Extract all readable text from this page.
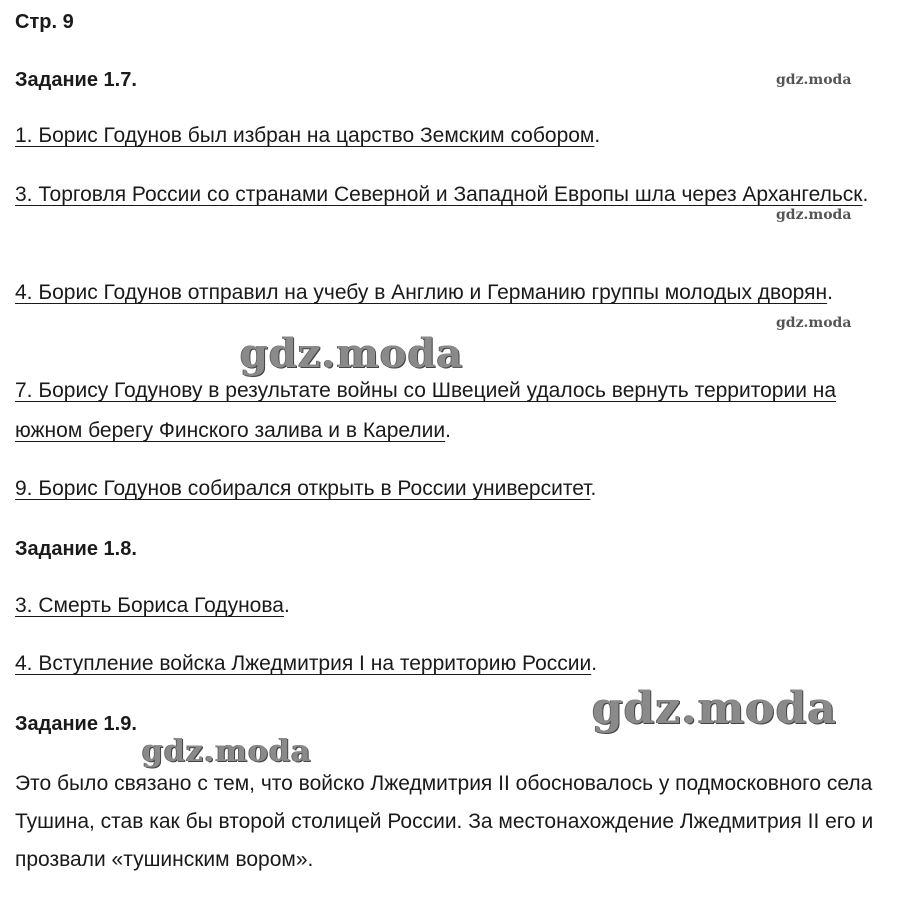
Стр. 9

Задание 1.7.

1. Борис Годунов был избран на царство Земским собором.

3. Торговля России со странами Северной и Западной Европы шла через Архангельск.

4. Борис Годунов отправил на учебу в Англию и Германию группы молодых дворян.

7. Борису Годунову в результате войны со Швецией удалось вернуть территории на южном берегу Финского залива и в Карелии.

9. Борис Годунов собирался открыть в России университет.

Задание 1.8.

3. Смерть Бориса Годунова.

4. Вступление войска Лжедмитрия I на территорию России.

Задание 1.9.

Это было связано с тем, что войско Лжедмитрия II обосновалось у подмосковного села Тушина, став как бы второй столицей России. За местонахождение Лжедмитрия II его и прозвали «тушинским вором».

gdz.moda
gdz.moda
gdz.moda
gdz.moda
gdz.moda
gdz.moda
